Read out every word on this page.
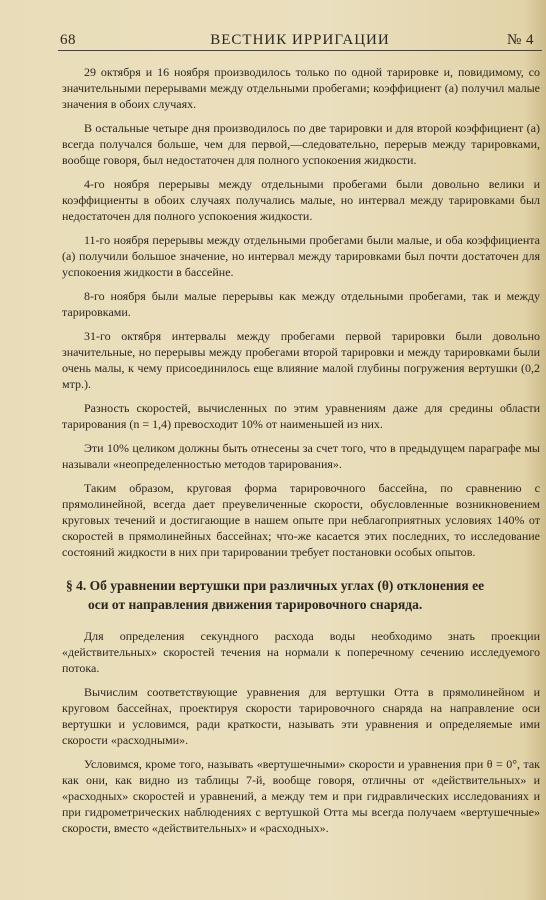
68	ВЕСТНИК ИРРИГАЦИИ	№ 4

29 октября и 16 ноября производилось только по одной тарировке и, повидимому, со значительными перерывами между отдельными пробегами; коэффициент (а) получил малые значения в обоих случаях.

В остальные четыре дня производилось по две тарировки и для второй коэффициент (а) всегда получался больше, чем для первой,—следовательно, перерыв между тарировками, вообще говоря, был недостаточен для полного успокоения жидкости.

4-го ноября перерывы между отдельными пробегами были довольно велики и коэффициенты в обоих случаях получались малые, но интервал между тарировками был недостаточен для полного успокоения жидкости.

11-го ноября перерывы между отдельными пробегами были малые, и оба коэффициента (а) получили большое значение, но интервал между тарировками был почти достаточен для успокоения жидкости в бассейне.

8-го ноября были малые перерывы как между отдельными пробегами, так и между тарировками.

31-го октября интервалы между пробегами первой тарировки были довольно значительные, но перерывы между пробегами второй тарировки и между тарировками были очень малы, к чему присоединилось еще влияние малой глубины погружения вертушки (0,2 мтр.).

Разность скоростей, вычисленных по этим уравнениям даже для средины области тарирования (n = 1,4) превосходит 10% от наименьшей из них.

Эти 10% целиком должны быть отнесены за счет того, что в предыдущем параграфе мы называли «неопределенностью методов тарирования».

Таким образом, круговая форма тарировочного бассейна, по сравнению с прямолинейной, всегда дает преувеличенные скорости, обусловленные возникновением круговых течений и достигающие в нашем опыте при неблагоприятных условиях 140% от скоростей в прямолинейных бассейнах; что-же касается этих последних, то исследование состояний жидкости в них при тарировании требует постановки особых опытов.

§ 4. Об уравнении вертушки при различных углах (θ) отклонения ее
оси от направления движения тарировочного снаряда.

Для определения секундного расхода воды необходимо знать проекции «действительных» скоростей течения на нормали к поперечному сечению исследуемого потока.

Вычислим соответствующие уравнения для вертушки Отта в прямолинейном и круговом бассейнах, проектируя скорости тарировочного снаряда на направление оси вертушки и условимся, ради краткости, называть эти уравнения и определяемые ими скорости «расходными».

Условимся, кроме того, называть «вертушечными» скорости и уравнения при θ = 0°, так как они, как видно из таблицы 7-й, вообще говоря, отличны от «действительных» и «расходных» скоростей и уравнений, а между тем и при гидравлических исследованиях и при гидрометрических наблюдениях с вертушкой Отта мы всегда получаем «вертушечные» скорости, вместо «действительных» и «расходных».
